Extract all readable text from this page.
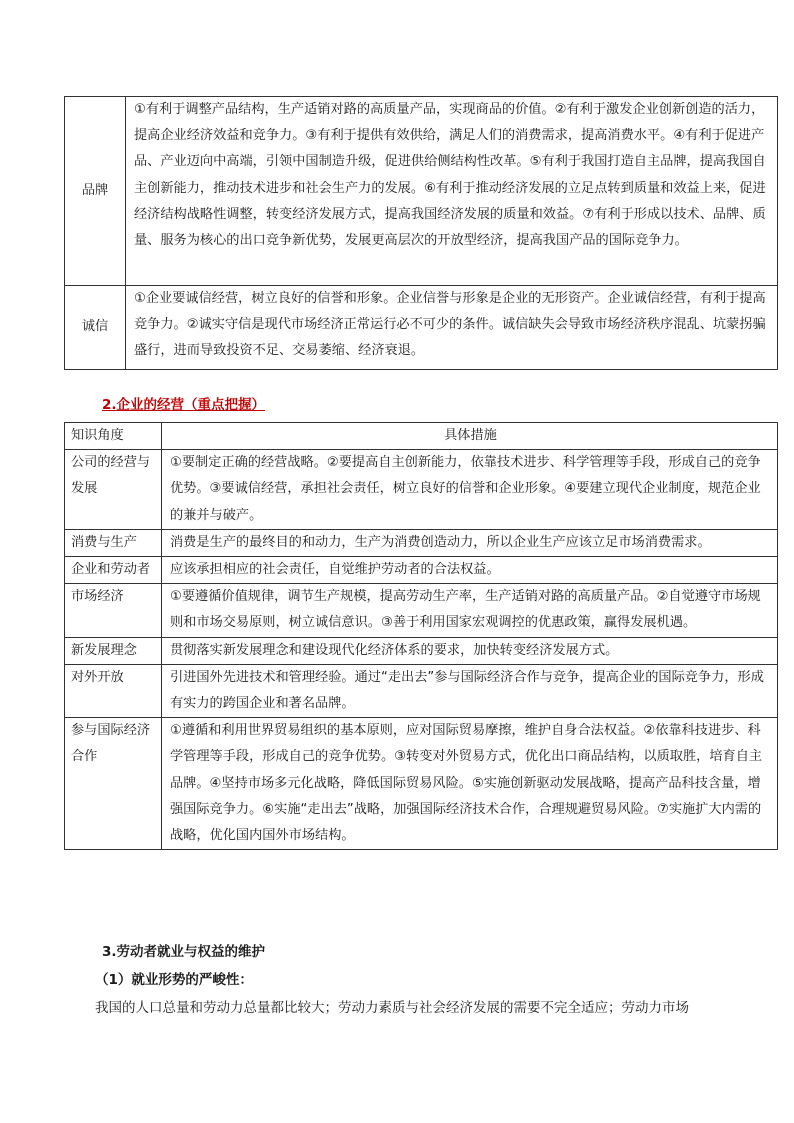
品牌	①有利于调整产品结构，生产适销对路的高质量产品，实现商品的价值。②有利于激发企业创新创造的活力，提高企业经济效益和竞争力。③有利于提供有效供给，满足人们的消费需求，提高消费水平。④有利于促进产品、产业迈向中高端，引领中国制造升级，促进供给侧结构性改革。⑤有利于我国打造自主品牌，提高我国自主创新能力，推动技术进步和社会生产力的发展。⑥有利于推动经济发展的立足点转到质量和效益上来，促进经济结构战略性调整，转变经济发展方式，提高我国经济发展的质量和效益。⑦有利于形成以技术、品牌、质量、服务为核心的出口竞争新优势，发展更高层次的开放型经济，提高我国产品的国际竞争力。
诚信	①企业要诚信经营，树立良好的信誉和形象。企业信誉与形象是企业的无形资产。企业诚信经营，有利于提高竞争力。②诚实守信是现代市场经济正常运行必不可少的条件。诚信缺失会导致市场经济秩序混乱、坑蒙拐骗盛行，进而导致投资不足、交易萎缩、经济衰退。
2.企业的经营（重点把握）
知识角度	具体措施
公司的经营与发展	①要制定正确的经营战略。②要提高自主创新能力，依靠技术进步、科学管理等手段，形成自己的竞争优势。③要诚信经营，承担社会责任，树立良好的信誉和企业形象。④要建立现代企业制度，规范企业的兼并与破产。
消费与生产	消费是生产的最终目的和动力，生产为消费创造动力，所以企业生产应该立足市场消费需求。
企业和劳动者	应该承担相应的社会责任，自觉维护劳动者的合法权益。
市场经济	①要遵循价值规律，调节生产规模，提高劳动生产率，生产适销对路的高质量产品。②自觉遵守市场规则和市场交易原则，树立诚信意识。③善于利用国家宏观调控的优惠政策，赢得发展机遇。
新发展理念	贯彻落实新发展理念和建设现代化经济体系的要求，加快转变经济发展方式。
对外开放	引进国外先进技术和管理经验。通过“走出去”参与国际经济合作与竞争，提高企业的国际竞争力，形成有实力的跨国企业和著名品牌。
参与国际经济合作	①遵循和利用世界贸易组织的基本原则，应对国际贸易摩擦，维护自身合法权益。②依靠科技进步、科学管理等手段，形成自己的竞争优势。③转变对外贸易方式，优化出口商品结构，以质取胜，培育自主品牌。④坚持市场多元化战略，降低国际贸易风险。⑤实施创新驱动发展战略，提高产品科技含量，增强国际竞争力。⑥实施“走出去”战略，加强国际经济技术合作，合理规避贸易风险。⑦实施扩大内需的战略，优化国内国外市场结构。
3.劳动者就业与权益的维护
（1）就业形势的严峻性：
我国的人口总量和劳动力总量都比较大；劳动力素质与社会经济发展的需要不完全适应；劳动力市场
